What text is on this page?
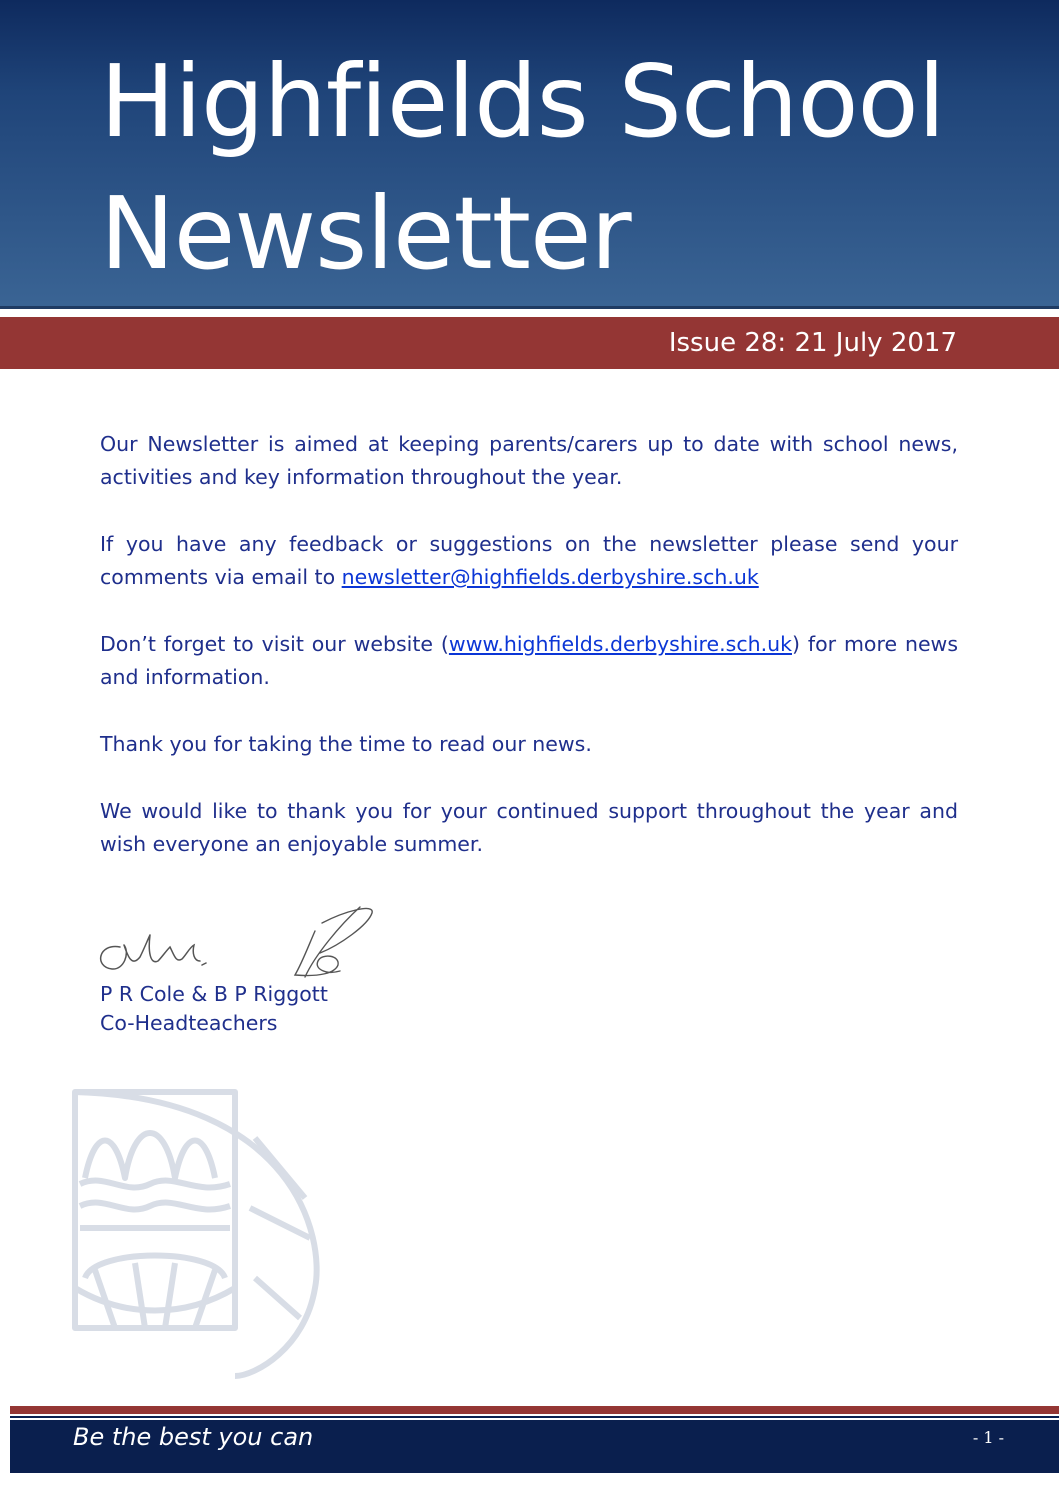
Highfields School
Newsletter
Issue 28: 21 July 2017

Our Newsletter is aimed at keeping parents/carers up to date with school news, activities and key information throughout the year.

If you have any feedback or suggestions on the newsletter please send your comments via email to newsletter@highfields.derbyshire.sch.uk

Don’t forget to visit our website (www.highfields.derbyshire.sch.uk) for more news and information.

Thank you for taking the time to read our news.

We would like to thank you for your continued support throughout the year and wish everyone an enjoyable summer.

P R Cole & B P Riggott
Co-Headteachers
Be the best you can	- 1 -
